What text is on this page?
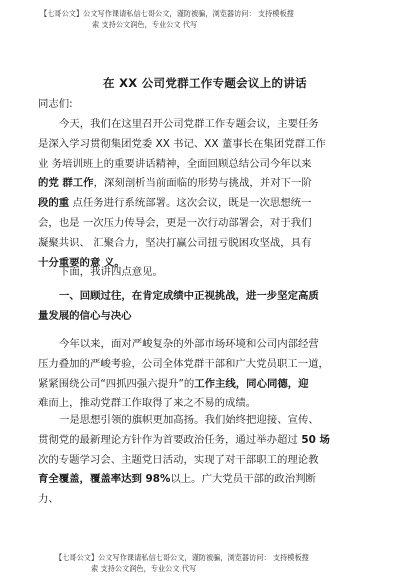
【七哥公文】公文写作课请私信七哥公文，谨防被骗，浏览器访问： 支持模板搜
索 支持公文润色，专业公文 代写
在 XX 公司党群工作专题会议上的讲话
同志们:
今天，我们在这里召开公司党群工作专题会议，主要任务
是深入学习贯彻集团党委 XX 书记、XX 董事长在集团党群工作
业 务培训班上的重要讲话精神，全面回顾总结公司今年以来
的党 群工作，深刻剖析当前面临的形势与挑战，并对下一阶
段的重 点任务进行系统部署。这次会议，既是一次思想统一
会，也是 一次压力传导会，更是一次行动部署会，对于我们
凝聚共识、 汇聚合力，坚决打赢公司扭亏脱困攻坚战，具有
十分重要的意 义。
下面，我讲四点意见。
一、回顾过往，在肯定成绩中正视挑战，进一步坚定高质
量发展的信心与决心
今年以来，面对严峻复杂的外部市场环境和公司内部经营
压力叠加的严峻考验，公司全体党群干部和广大党员职工一道，
紧紧围绕公司“四抓四强六提升”的工作主线，同心同德，迎
难而上，推动党群工作取得了来之不易的成绩。
一是思想引领的旗帜更加高扬。我们始终把迎接、宣传、
贯彻党的最新理论方针作为首要政治任务，通过举办超过 50 场
次的专题学习会、主题党日活动，实现了对干部职工的理论教
育全覆盖，覆盖率达到 98%以上。广大党员干部的政治判断
力、
【七哥公文】公文写作课请私信七哥公文，谨防被骗，浏览器访问： 支持模板搜
索 支持公文润色，专业公文 代写
